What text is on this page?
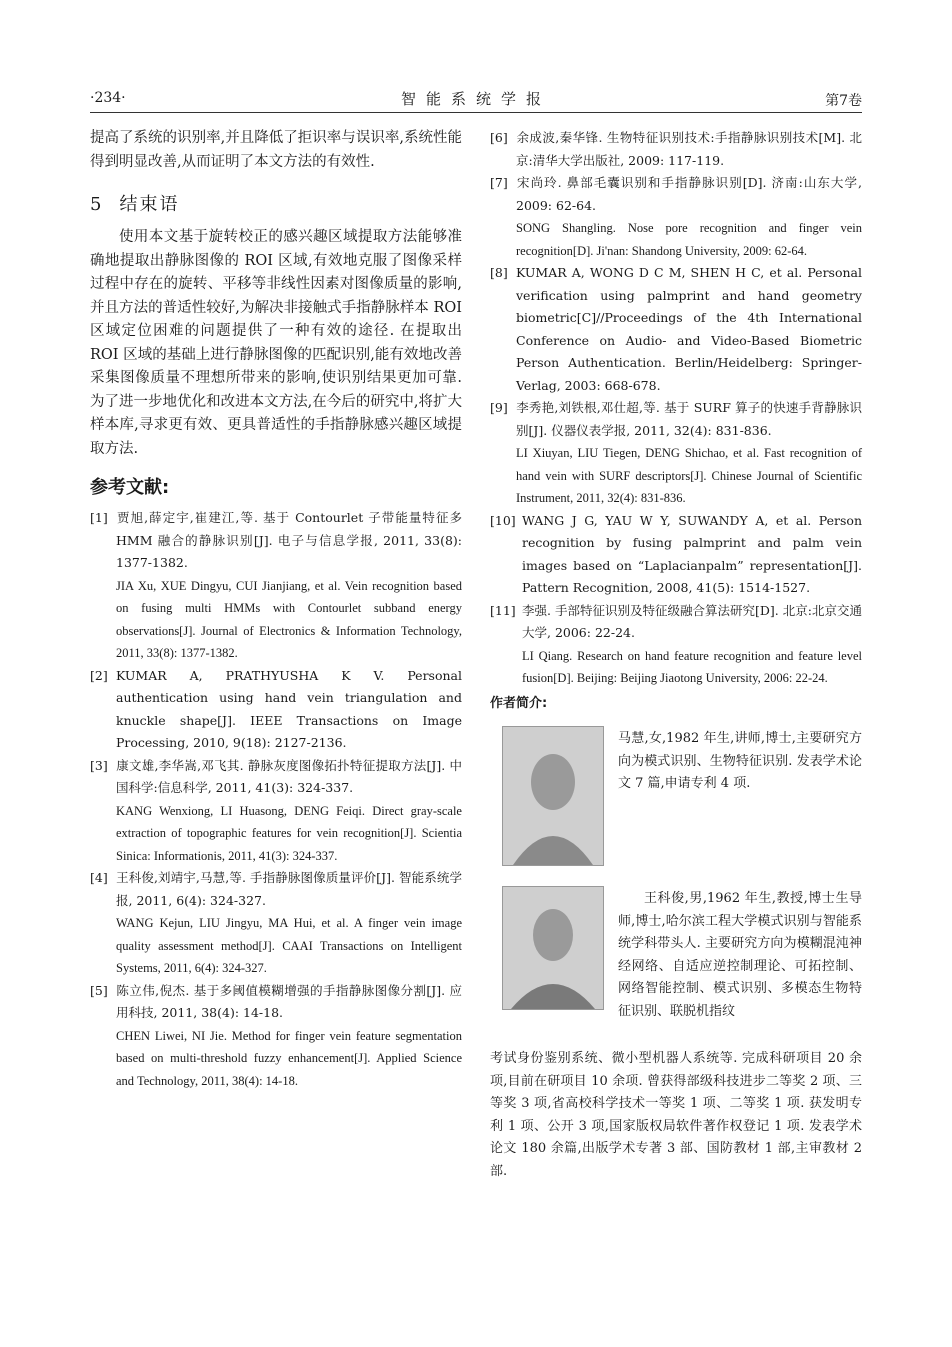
·234·	智能系统学报	第7卷

提高了系统的识别率,并且降低了拒识率与误识率,系统性能得到明显改善,从而证明了本文方法的有效性.

5 结束语

使用本文基于旋转校正的感兴趣区域提取方法能够准确地提取出静脉图像的 ROI 区域,有效地克服了图像采样过程中存在的旋转、平移等非线性因素对图像质量的影响,并且方法的普适性较好,为解决非接触式手指静脉样本 ROI 区域定位困难的问题提供了一种有效的途径. 在提取出 ROI 区域的基础上进行静脉图像的匹配识别,能有效地改善采集图像质量不理想所带来的影响,使识别结果更加可靠. 为了进一步地优化和改进本文方法,在今后的研究中,将扩大样本库,寻求更有效、更具普适性的手指静脉感兴趣区域提取方法.

参考文献:
[1] 贾旭,薛定宇,崔建江,等. 基于 Contourlet 子带能量特征多 HMM 融合的静脉识别[J]. 电子与信息学报, 2011, 33(8): 1377-1382.
JIA Xu, XUE Dingyu, CUI Jianjiang, et al. Vein recognition based on fusing multi HMMs with Contourlet subband energy observations[J]. Journal of Electronics & Information Technology, 2011, 33(8): 1377-1382.
[2] KUMAR A, PRATHYUSHA K V. Personal authentication using hand vein triangulation and knuckle shape[J]. IEEE Transactions on Image Processing, 2010, 9(18): 2127-2136.
[3] 康文雄,李华嵩,邓飞其. 静脉灰度图像拓扑特征提取方法[J]. 中国科学:信息科学, 2011, 41(3): 324-337.
KANG Wenxiong, LI Huasong, DENG Feiqi. Direct gray-scale extraction of topographic features for vein recognition[J]. Scientia Sinica: Informationis, 2011, 41(3): 324-337.
[4] 王科俊,刘靖宇,马慧,等. 手指静脉图像质量评价[J]. 智能系统学报, 2011, 6(4): 324-327.
WANG Kejun, LIU Jingyu, MA Hui, et al. A finger vein image quality assessment method[J]. CAAI Transactions on Intelligent Systems, 2011, 6(4): 324-327.
[5] 陈立伟,倪杰. 基于多阈值模糊增强的手指静脉图像分割[J]. 应用科技, 2011, 38(4): 14-18.
CHEN Liwei, NI Jie. Method for finger vein feature segmentation based on multi-threshold fuzzy enhancement[J]. Applied Science and Technology, 2011, 38(4): 14-18.
[6] 余成波,秦华锋. 生物特征识别技术:手指静脉识别技术[M]. 北京:清华大学出版社, 2009: 117-119.
[7] 宋尚玲. 鼻部毛囊识别和手指静脉识别[D]. 济南:山东大学, 2009: 62-64.
SONG Shangling. Nose pore recognition and finger vein recognition[D]. Ji'nan: Shandong University, 2009: 62-64.
[8] KUMAR A, WONG D C M, SHEN H C, et al. Personal verification using palmprint and hand geometry biometric[C]//Proceedings of the 4th International Conference on Audio- and Video-Based Biometric Person Authentication. Berlin/Heidelberg: Springer-Verlag, 2003: 668-678.
[9] 李秀艳,刘铁根,邓仕超,等. 基于 SURF 算子的快速手背静脉识别[J]. 仪器仪表学报, 2011, 32(4): 831-836.
LI Xiuyan, LIU Tiegen, DENG Shichao, et al. Fast recognition of hand vein with SURF descriptors[J]. Chinese Journal of Scientific Instrument, 2011, 32(4): 831-836.
[10] WANG J G, YAU W Y, SUWANDY A, et al. Person recognition by fusing palmprint and palm vein images based on “Laplacianpalm” representation[J]. Pattern Recognition, 2008, 41(5): 1514-1527.
[11] 李强. 手部特征识别及特征级融合算法研究[D]. 北京:北京交通大学, 2006: 22-24.
LI Qiang. Research on hand feature recognition and feature level fusion[D]. Beijing: Beijing Jiaotong University, 2006: 22-24.
作者简介:
马慧,女,1982 年生,讲师,博士,主要研究方向为模式识别、生物特征识别. 发表学术论文 7 篇,申请专利 4 项.
王科俊,男,1962 年生,教授,博士生导师,博士,哈尔滨工程大学模式识别与智能系统学科带头人. 主要研究方向为模糊混沌神经网络、自适应逆控制理论、可拓控制、网络智能控制、模式识别、多模态生物特征识别、联脱机指纹
考试身份鉴别系统、微小型机器人系统等. 完成科研项目 20 余项,目前在研项目 10 余项. 曾获得部级科技进步二等奖 2 项、三等奖 3 项,省高校科学技术一等奖 1 项、二等奖 1 项. 获发明专利 1 项、公开 3 项,国家版权局软件著作权登记 1 项. 发表学术论文 180 余篇,出版学术专著 3 部、国防教材 1 部,主审教材 2 部.
